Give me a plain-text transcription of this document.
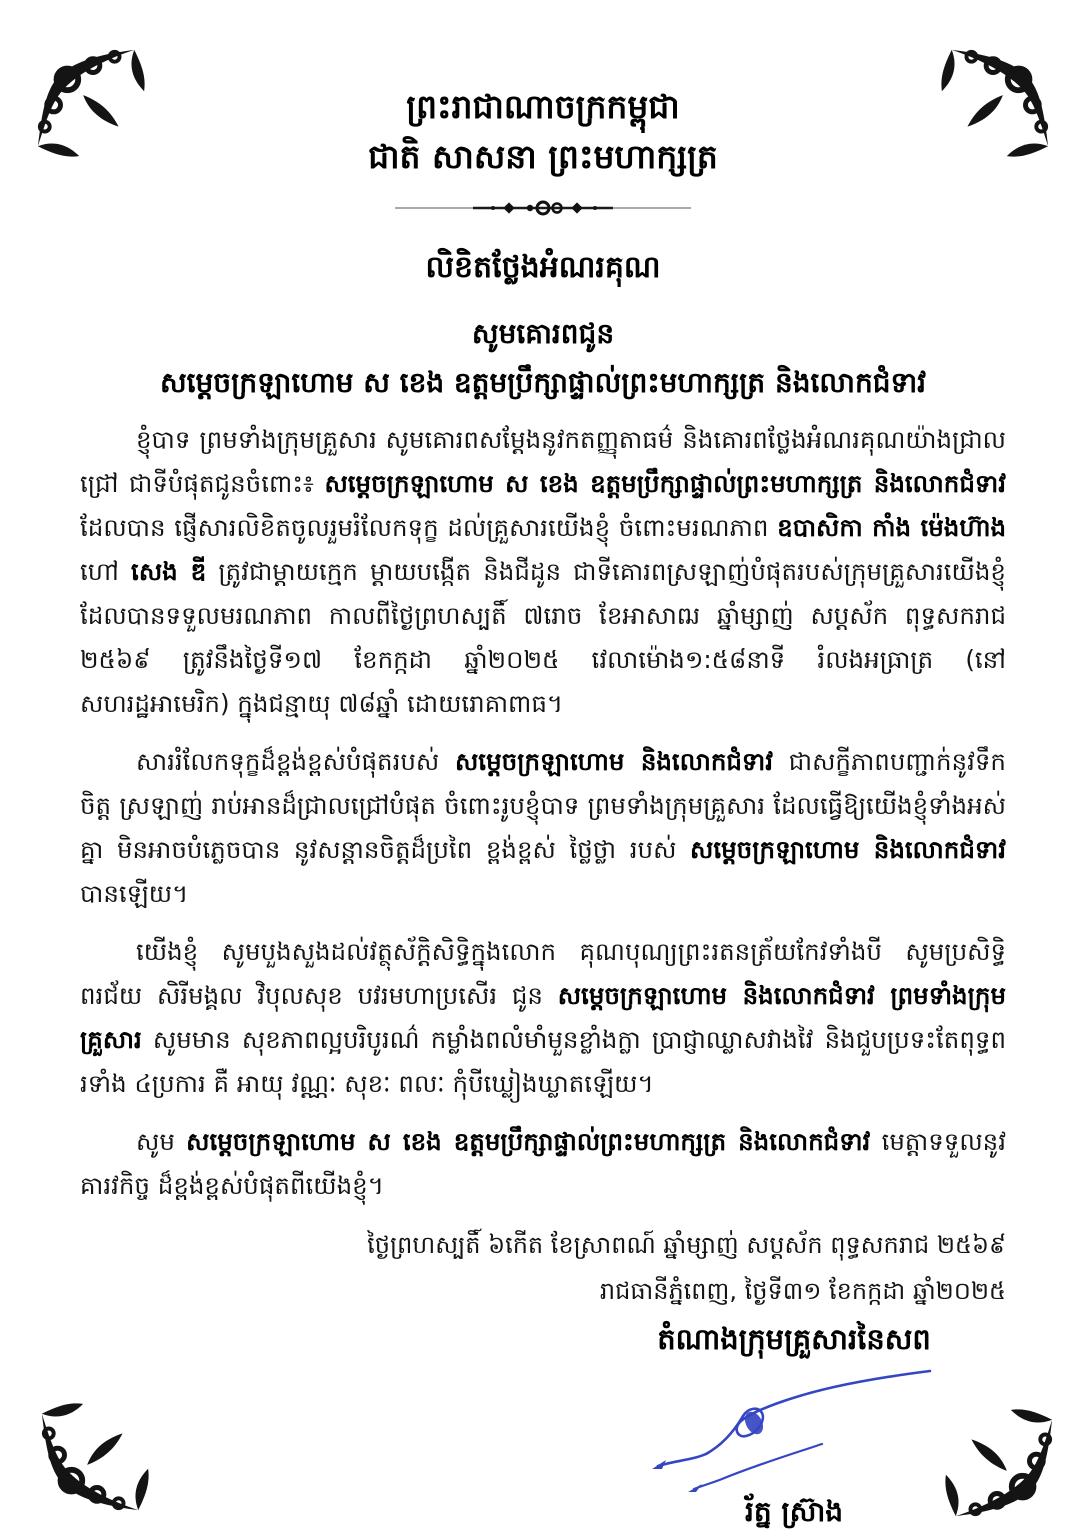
ព្រះរាជាណាចក្រកម្ពុជា
ជាតិ សាសនា ព្រះមហាក្សត្រ
លិខិតថ្លែងអំណរគុណ
សូមគោរពជូន
សម្តេចក្រឡាហោម ស ខេង ឧត្តមប្រឹក្សាផ្ទាល់ព្រះមហាក្សត្រ និងលោកជំទាវ

ខ្ញុំបាទ ព្រមទាំងក្រុមគ្រួសារ សូមគោរពសម្តែងនូវកតញ្ញុតាធម៌ និងគោរពថ្លែងអំណរគុណយ៉ាងជ្រាលជ្រៅ ជាទីបំផុតជូនចំពោះ៖ សម្តេចក្រឡាហោម ស ខេង ឧត្តមប្រឹក្សាផ្ទាល់ព្រះមហាក្សត្រ និងលោកជំទាវ ដែលបាន ផ្ញើសារលិខិតចូលរួមរំលែកទុក្ខ ដល់គ្រួសារយើងខ្ញុំ ចំពោះមរណភាព ឧបាសិកា កាំង ម៉េងហ៊ាង ហៅ សេង ឌី ត្រូវជាម្តាយក្មេក ម្តាយបង្កើត និងជីដូន ជាទីគោរពស្រឡាញ់បំផុតរបស់ក្រុមគ្រួសារយើងខ្ញុំ ដែលបានទទួលមរណភាព កាលពីថ្ងៃព្រហស្បតិ៍ ៧រោច ខែអាសាឍ ឆ្នាំម្សាញ់ សប្តស័ក ពុទ្ធសករាជ ២៥៦៩ ត្រូវនឹងថ្ងៃទី១៧ ខែកក្កដា ឆ្នាំ២០២៥ វេលាម៉ោង១:៥៨នាទី រំលងអធ្រាត្រ (នៅសហរដ្ឋអាមេរិក) ក្នុងជន្មាយុ ៧៨ឆ្នាំ ដោយរោគាពាធ។

សាររំលែកទុក្ខដ៏ខ្ពង់ខ្ពស់បំផុតរបស់ សម្តេចក្រឡាហោម និងលោកជំទាវ ជាសក្ខីភាពបញ្ជាក់នូវទឹកចិត្ត ស្រឡាញ់ រាប់អានដ៏ជ្រាលជ្រៅបំផុត ចំពោះរូបខ្ញុំបាទ ព្រមទាំងក្រុមគ្រួសារ ដែលធ្វើឱ្យយើងខ្ញុំទាំងអស់គ្នា មិនអាចបំភ្លេចបាន នូវសន្ដានចិត្តដ៏ប្រពៃ ខ្ពង់ខ្ពស់ ថ្លៃថ្លា របស់ សម្តេចក្រឡាហោម និងលោកជំទាវ បានឡើយ។

យើងខ្ញុំ សូមបួងសួងដល់វត្ថុស័ក្តិសិទ្ធិក្នុងលោក គុណបុណ្យព្រះរតនត្រ័យកែវទាំងបី សូមប្រសិទ្ធិពរជ័យ សិរីមង្គល វិបុលសុខ បវរមហាប្រសើរ ជូន សម្តេចក្រឡាហោម និងលោកជំទាវ ព្រមទាំងក្រុមគ្រួសារ សូមមាន សុខភាពល្អបរិបូរណ៌ កម្លាំងពលំមាំមួនខ្លាំងក្លា ប្រាជ្ញាឈ្លាសវាងវៃ និងជួបប្រទះតែពុទ្ធពរទាំង ៤ប្រការ គឺ អាយុ វណ្ណៈ សុខៈ ពលៈ កុំបីឃ្លៀងឃ្លាតឡើយ។

សូម សម្តេចក្រឡាហោម ស ខេង ឧត្តមប្រឹក្សាផ្ទាល់ព្រះមហាក្សត្រ និងលោកជំទាវ មេត្តាទទួលនូវគារវកិច្ច ដ៏ខ្ពង់ខ្ពស់បំផុតពីយើងខ្ញុំ។

ថ្ងៃព្រហស្បតិ៍ ៦កើត ខែស្រាពណ៍ ឆ្នាំម្សាញ់ សប្តស័ក ពុទ្ធសករាជ ២៥៦៩
រាជធានីភ្នំពេញ, ថ្ងៃទី៣១ ខែកក្កដា ឆ្នាំ២០២៥
តំណាងក្រុមគ្រួសារនៃសព
រ័ត្ន ស្រ៊ាង
